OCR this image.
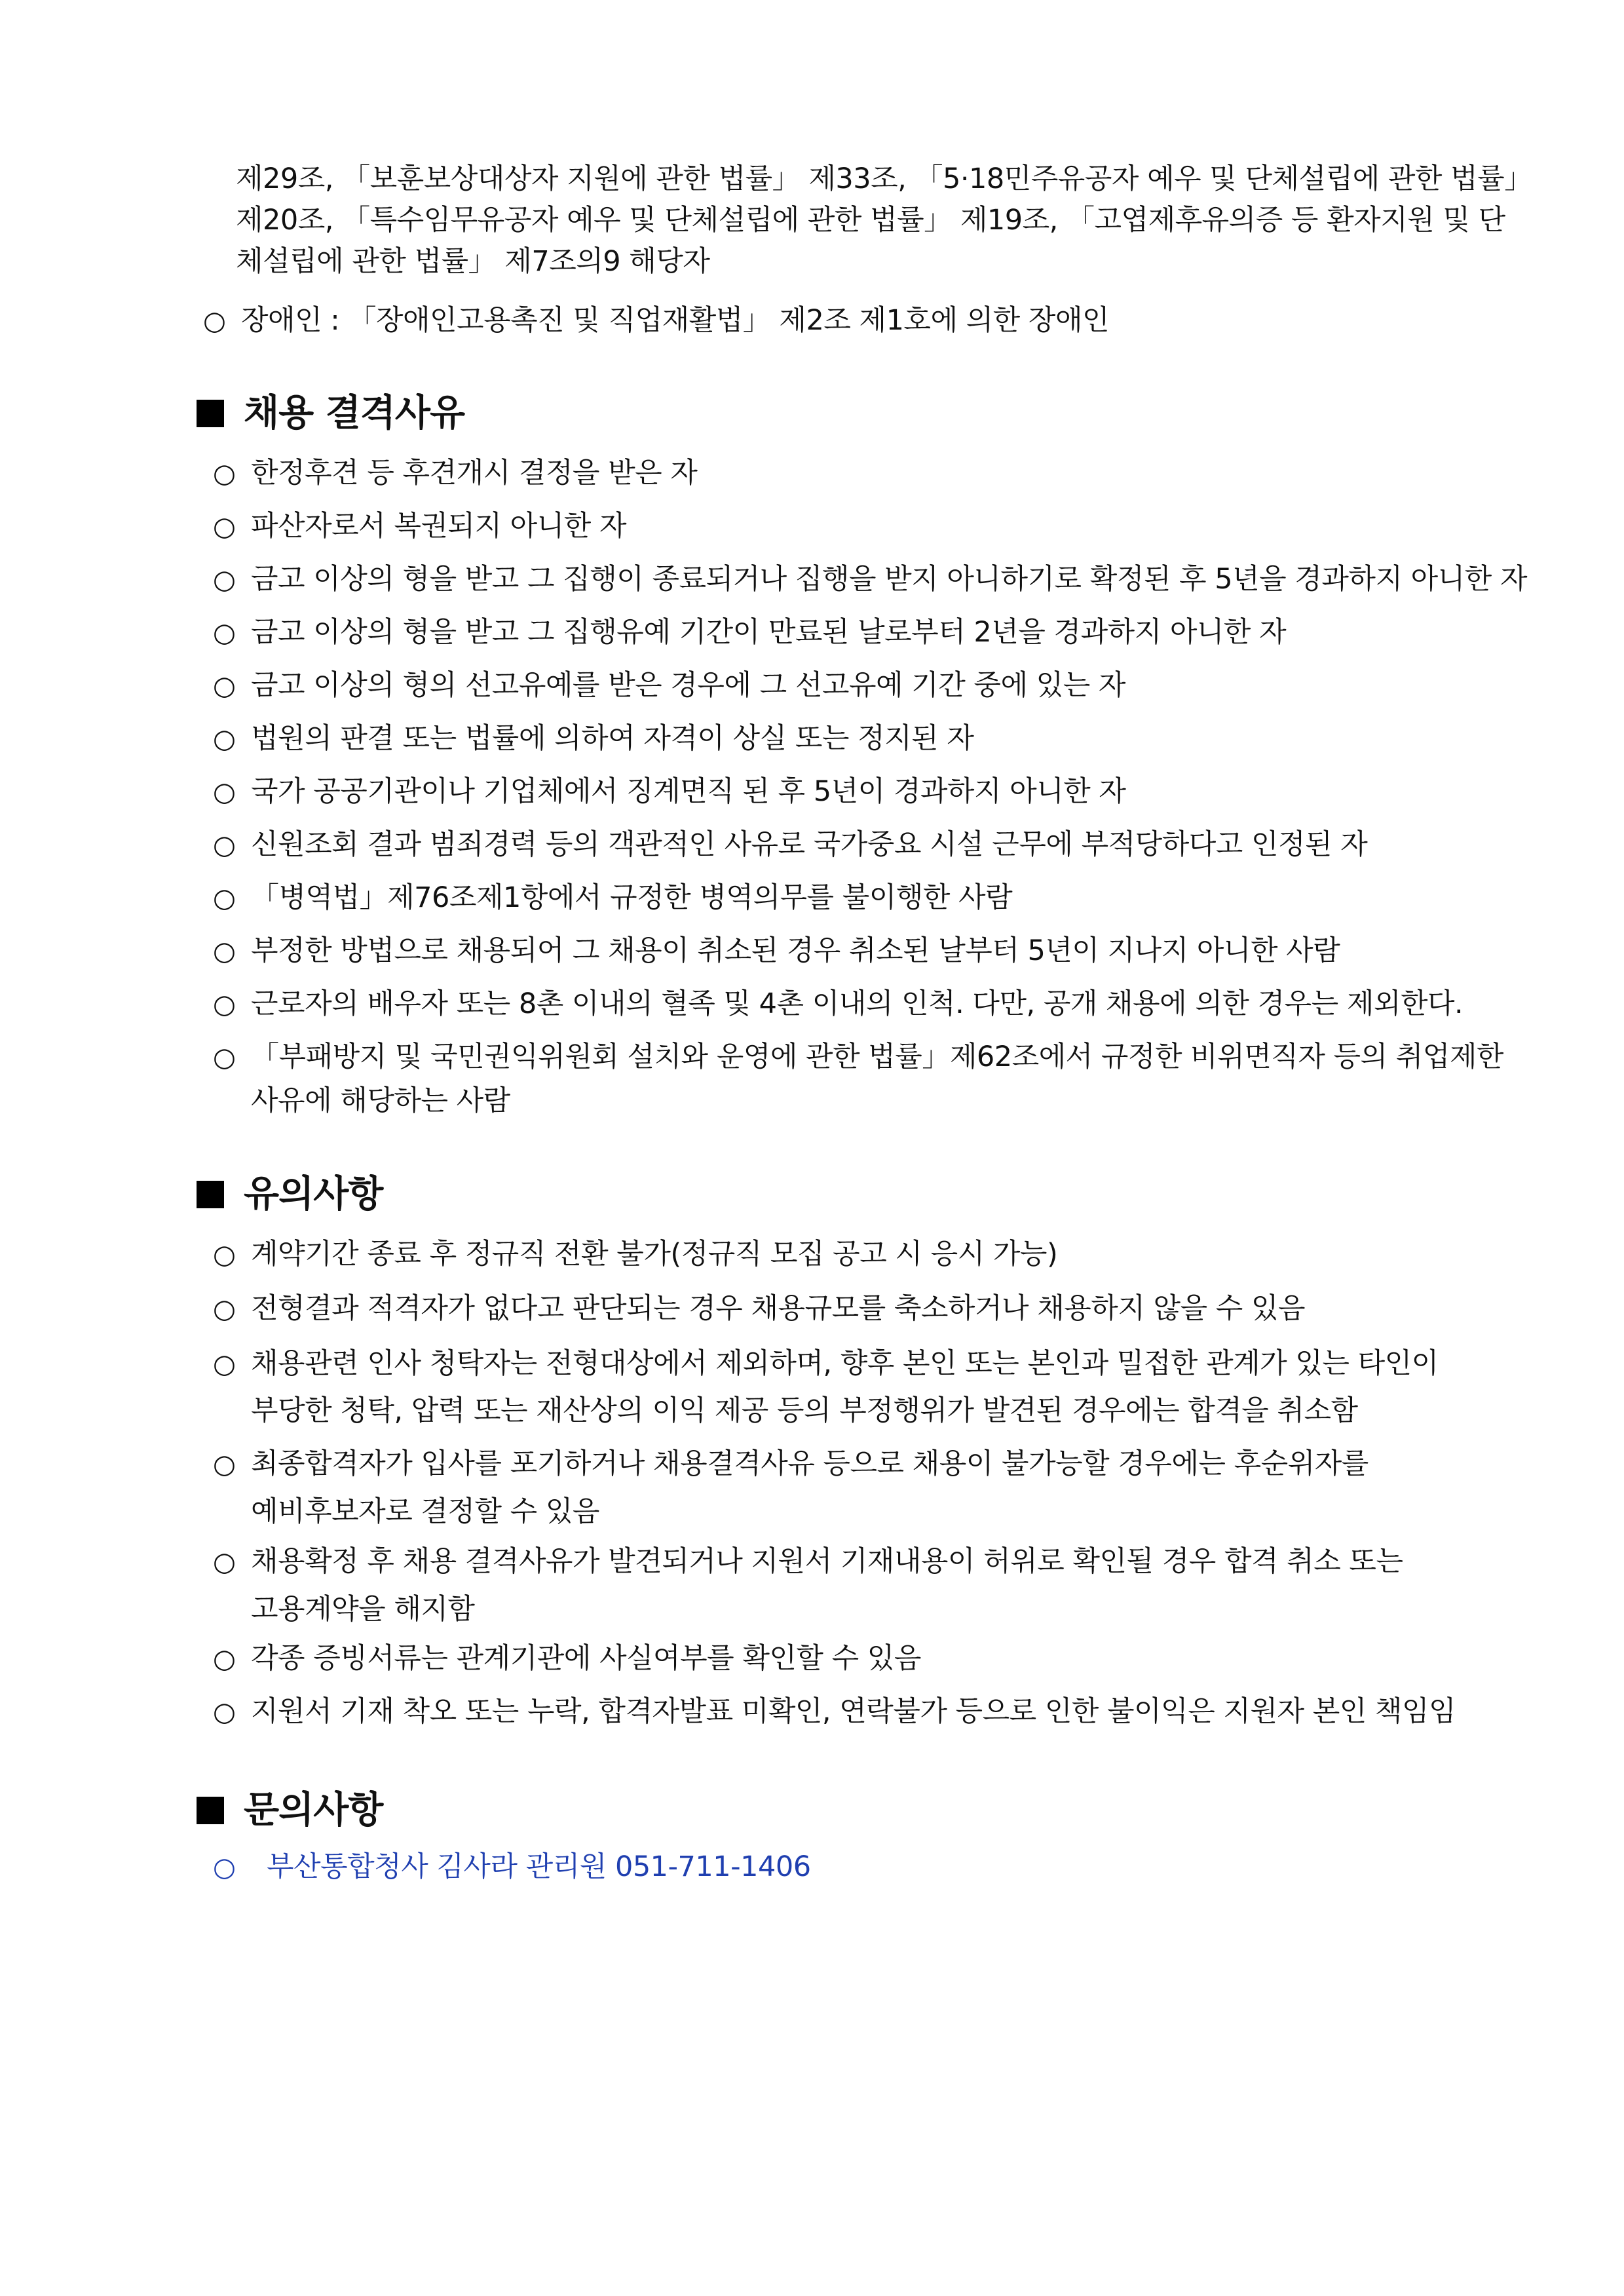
제29조, 「보훈보상대상자 지원에 관한 법률」 제33조, 「5·18민주유공자 예우 및 단체설립에 관한 법률」
제20조, 「특수임무유공자 예우 및 단체설립에 관한 법률」 제19조, 「고엽제후유의증 등 환자지원 및 단
체설립에 관한 법률」 제7조의9 해당자
○ 장애인 : 「장애인고용촉진 및 직업재활법」 제2조 제1호에 의한 장애인
채용 결격사유
○ 한정후견 등 후견개시 결정을 받은 자
○ 파산자로서 복권되지 아니한 자
○ 금고 이상의 형을 받고 그 집행이 종료되거나 집행을 받지 아니하기로 확정된 후 5년을 경과하지 아니한 자
○ 금고 이상의 형을 받고 그 집행유예 기간이 만료된 날로부터 2년을 경과하지 아니한 자
○ 금고 이상의 형의 선고유예를 받은 경우에 그 선고유예 기간 중에 있는 자
○ 법원의 판결 또는 법률에 의하여 자격이 상실 또는 정지된 자
○ 국가 공공기관이나 기업체에서 징계면직 된 후 5년이 경과하지 아니한 자
○ 신원조회 결과 범죄경력 등의 객관적인 사유로 국가중요 시설 근무에 부적당하다고 인정된 자
○ 「병역법」제76조제1항에서 규정한 병역의무를 불이행한 사람
○ 부정한 방법으로 채용되어 그 채용이 취소된 경우 취소된 날부터 5년이 지나지 아니한 사람
○ 근로자의 배우자 또는 8촌 이내의 혈족 및 4촌 이내의 인척. 다만, 공개 채용에 의한 경우는 제외한다.
○ 「부패방지 및 국민권익위원회 설치와 운영에 관한 법률」제62조에서 규정한 비위면직자 등의 취업제한
사유에 해당하는 사람
유의사항
○ 계약기간 종료 후 정규직 전환 불가(정규직 모집 공고 시 응시 가능)
○ 전형결과 적격자가 없다고 판단되는 경우 채용규모를 축소하거나 채용하지 않을 수 있음
○ 채용관련 인사 청탁자는 전형대상에서 제외하며, 향후 본인 또는 본인과 밀접한 관계가 있는 타인이
부당한 청탁, 압력 또는 재산상의 이익 제공 등의 부정행위가 발견된 경우에는 합격을 취소함
○ 최종합격자가 입사를 포기하거나 채용결격사유 등으로 채용이 불가능할 경우에는 후순위자를
예비후보자로 결정할 수 있음
○ 채용확정 후 채용 결격사유가 발견되거나 지원서 기재내용이 허위로 확인될 경우 합격 취소 또는
고용계약을 해지함
○ 각종 증빙서류는 관계기관에 사실여부를 확인할 수 있음
○ 지원서 기재 착오 또는 누락, 합격자발표 미확인, 연락불가 등으로 인한 불이익은 지원자 본인 책임임
문의사항
○ 부산통합청사 김사라 관리원 051-711-1406
